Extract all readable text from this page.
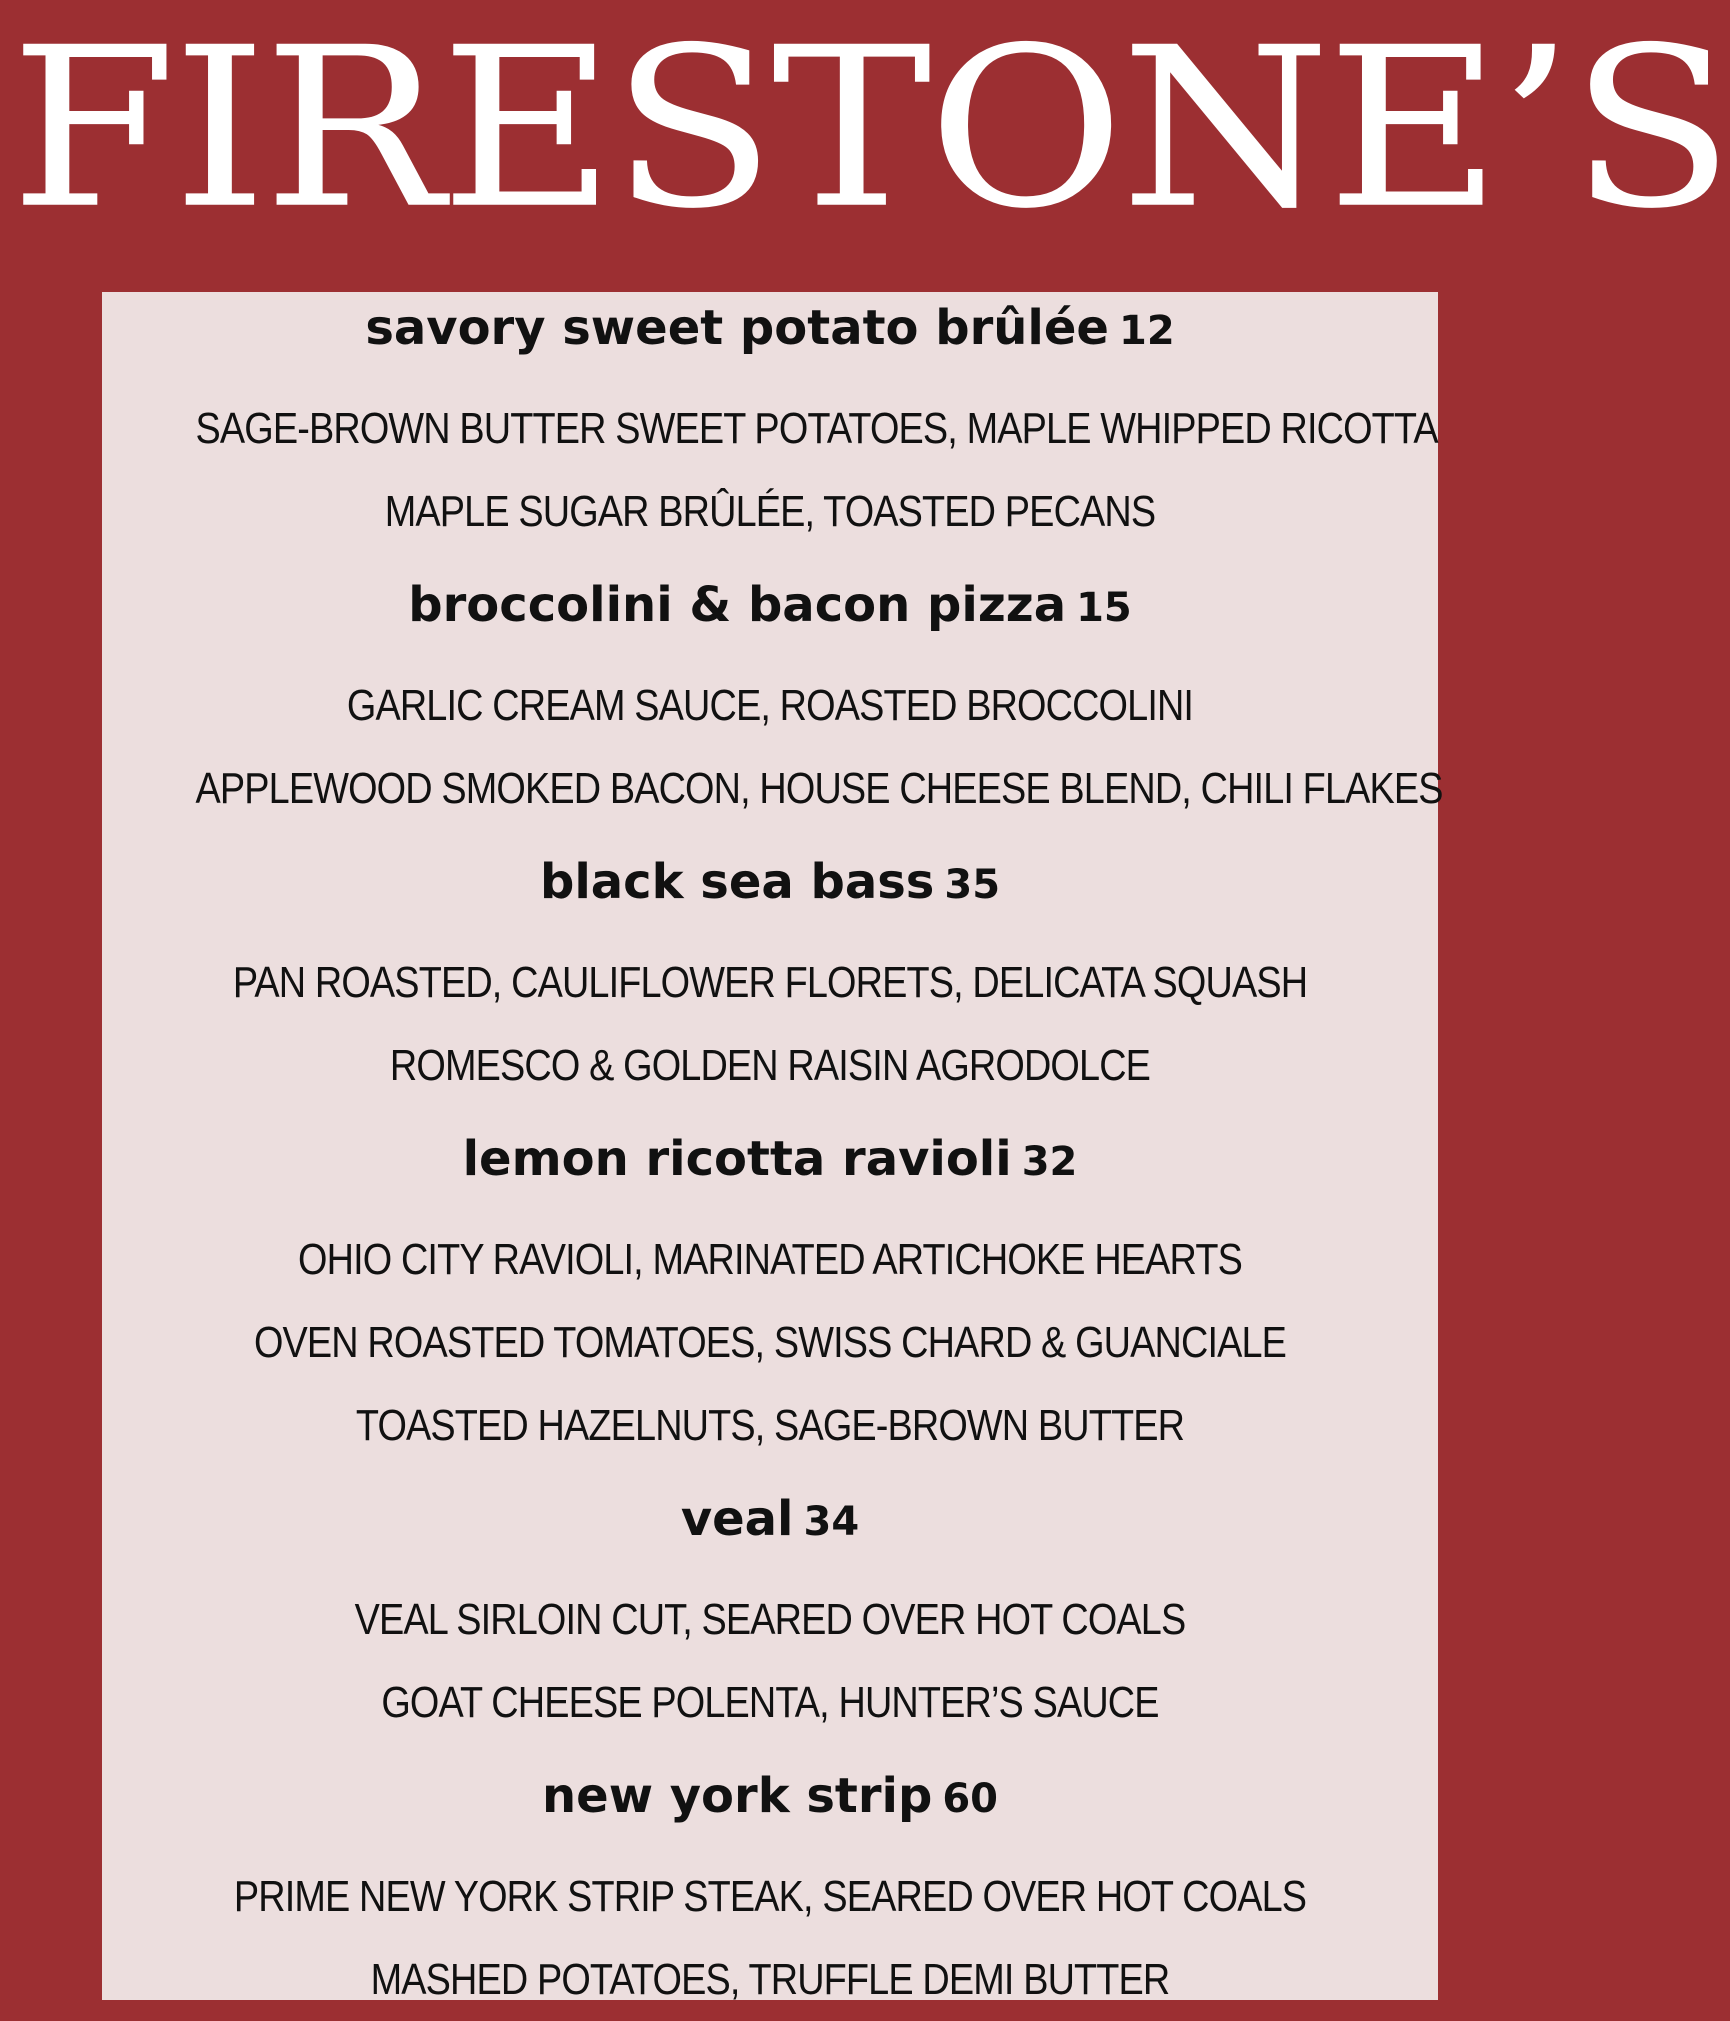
FIRESTONE’S
savory sweet potato brûlée 12

SAGE-BROWN BUTTER SWEET POTATOES, MAPLE WHIPPED RICOTTA

MAPLE SUGAR BRÛLÉE, TOASTED PECANS

broccolini & bacon pizza 15

GARLIC CREAM SAUCE, ROASTED BROCCOLINI

APPLEWOOD SMOKED BACON, HOUSE CHEESE BLEND, CHILI FLAKES

black sea bass 35

PAN ROASTED, CAULIFLOWER FLORETS, DELICATA SQUASH

ROMESCO & GOLDEN RAISIN AGRODOLCE

lemon ricotta ravioli 32

OHIO CITY RAVIOLI, MARINATED ARTICHOKE HEARTS

OVEN ROASTED TOMATOES, SWISS CHARD & GUANCIALE

TOASTED HAZELNUTS, SAGE-BROWN BUTTER

veal 34

VEAL SIRLOIN CUT, SEARED OVER HOT COALS

GOAT CHEESE POLENTA, HUNTER’S SAUCE

new york strip 60

PRIME NEW YORK STRIP STEAK, SEARED OVER HOT COALS

MASHED POTATOES, TRUFFLE DEMI BUTTER
